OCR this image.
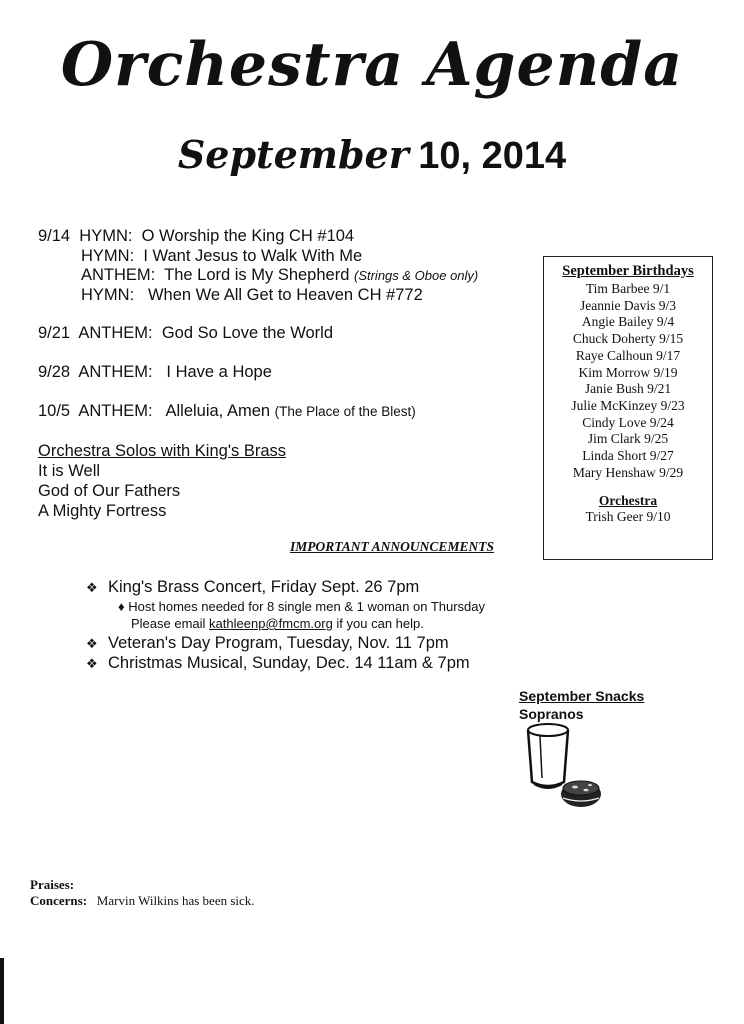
Orchestra Agenda
September 10, 2014
9/14 HYMN: O Worship the King CH #104
HYMN: I Want Jesus to Walk With Me
ANTHEM: The Lord is My Shepherd (Strings & Oboe only)
HYMN: When We All Get to Heaven CH #772
9/21 ANTHEM: God So Love the World
9/28 ANTHEM: I Have a Hope
10/5 ANTHEM: Alleluia, Amen (The Place of the Blest)
Orchestra Solos with King's Brass
It is Well
God of Our Fathers
A Mighty Fortress
September Birthdays
Tim Barbee 9/1
Jeannie Davis 9/3
Angie Bailey 9/4
Chuck Doherty 9/15
Raye Calhoun 9/17
Kim Morrow 9/19
Janie Bush 9/21
Julie McKinzey 9/23
Cindy Love 9/24
Jim Clark 9/25
Linda Short 9/27
Mary Henshaw 9/29
Orchestra
Trish Geer 9/10
IMPORTANT ANNOUNCEMENTS
❖ King's Brass Concert, Friday Sept. 26 7pm
♦ Host homes needed for 8 single men & 1 woman on Thursday
Please email kathleenp@fmcm.org if you can help.
❖ Veteran's Day Program, Tuesday, Nov. 11 7pm
❖ Christmas Musical, Sunday, Dec. 14 11am & 7pm
September Snacks
Sopranos
Praises:
Concerns: Marvin Wilkins has been sick.
